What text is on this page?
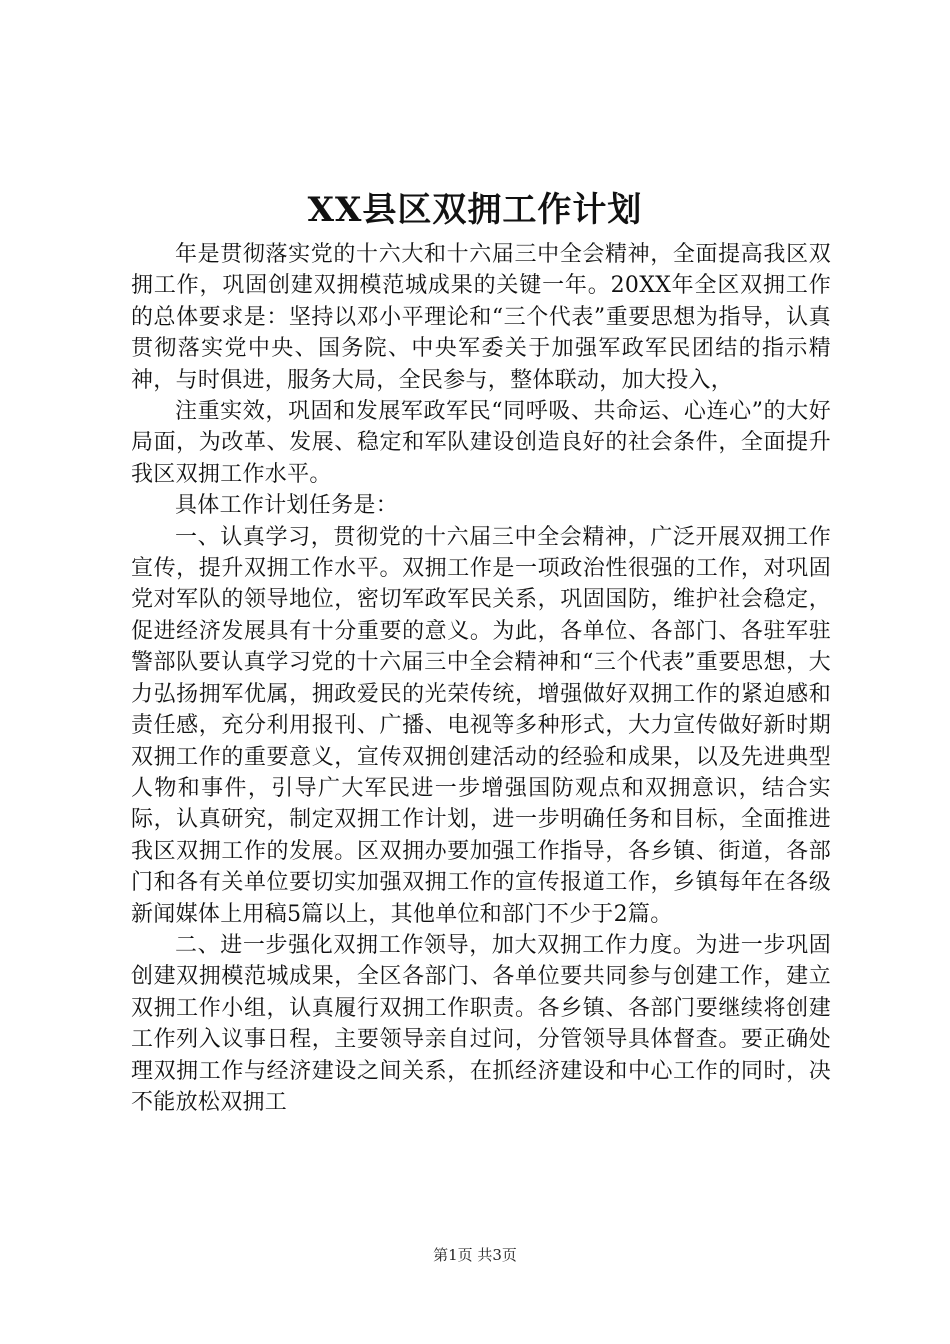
XX县区双拥工作计划

年是贯彻落实党的十六大和十六届三中全会精神，全面提高我区双拥工作，巩固创建双拥模范城成果的关键一年。20XX年全区双拥工作的总体要求是：坚持以邓小平理论和“三个代表”重要思想为指导，认真贯彻落实党中央、国务院、中央军委关于加强军政军民团结的指示精神，与时俱进，服务大局，全民参与，整体联动，加大投入，

注重实效，巩固和发展军政军民“同呼吸、共命运、心连心”的大好局面，为改革、发展、稳定和军队建设创造良好的社会条件，全面提升我区双拥工作水平。

具体工作计划任务是：

一、认真学习，贯彻党的十六届三中全会精神，广泛开展双拥工作宣传，提升双拥工作水平。双拥工作是一项政治性很强的工作，对巩固党对军队的领导地位，密切军政军民关系，巩固国防，维护社会稳定，促进经济发展具有十分重要的意义。为此，各单位、各部门、各驻军驻警部队要认真学习党的十六届三中全会精神和“三个代表”重要思想，大力弘扬拥军优属，拥政爱民的光荣传统，增强做好双拥工作的紧迫感和责任感，充分利用报刊、广播、电视等多种形式，大力宣传做好新时期双拥工作的重要意义，宣传双拥创建活动的经验和成果，以及先进典型人物和事件，引导广大军民进一步增强国防观点和双拥意识，结合实际，认真研究，制定双拥工作计划，进一步明确任务和目标，全面推进我区双拥工作的发展。区双拥办要加强工作指导，各乡镇、街道，各部门和各有关单位要切实加强双拥工作的宣传报道工作，乡镇每年在各级新闻媒体上用稿5篇以上，其他单位和部门不少于2篇。

二、进一步强化双拥工作领导，加大双拥工作力度。为进一步巩固创建双拥模范城成果，全区各部门、各单位要共同参与创建工作，建立双拥工作小组，认真履行双拥工作职责。各乡镇、各部门要继续将创建工作列入议事日程，主要领导亲自过问，分管领导具体督查。要正确处理双拥工作与经济建设之间关系，在抓经济建设和中心工作的同时，决不能放松双拥工

第1页 共3页
